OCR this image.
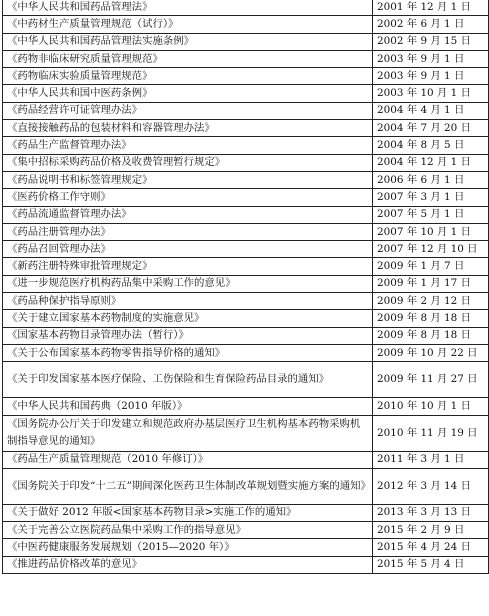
《中华人民共和国药品管理法》	2001 年 12 月 1 日
《中药材生产质量管理规范（试行）》	2002 年 6 月 1 日
《中华人民共和国药品管理法实施条例》	2002 年 9 月 15 日
《药物非临床研究质量管理规范》	2003 年 9 月 1 日
《药物临床实验质量管理规范》	2003 年 9 月 1 日
《中华人民共和国中医药条例》	2003 年 10 月 1 日
《药品经营许可证管理办法》	2004 年 4 月 1 日
《直接接触药品的包装材料和容器管理办法》	2004 年 7 月 20 日
《药品生产监督管理办法》	2004 年 8 月 5 日
《集中招标采购药品价格及收费管理暂行规定》	2004 年 12 月 1 日
《药品说明书和标签管理规定》	2006 年 6 月 1 日
《医药价格工作守则》	2007 年 3 月 1 日
《药品流通监督管理办法》	2007 年 5 月 1 日
《药品注册管理办法》	2007 年 10 月 1 日
《药品召回管理办法》	2007 年 12 月 10 日
《新药注册特殊审批管理规定》	2009 年 1 月 7 日
《进一步规范医疗机构药品集中采购工作的意见》	2009 年 1 月 17 日
《药品种保护指导原则》	2009 年 2 月 12 日
《关于建立国家基本药物制度的实施意见》	2009 年 8 月 18 日
《国家基本药物目录管理办法（暂行）》	2009 年 8 月 18 日
《关于公布国家基本药物零售指导价格的通知》	2009 年 10 月 22 日
《关于印发国家基本医疗保险、工伤保险和生育保险药品目录的通知》	2009 年 11 月 27 日
《中华人民共和国药典（2010 年版）》	2010 年 10 月 1 日
《国务院办公厅关于印发建立和规范政府办基层医疗卫生机构基本药物采购机制指导意见的通知》	2010 年 11 月 19 日
《药品生产质量管理规范（2010 年修订）》	2011 年 3 月 1 日
《国务院关于印发“十二五”期间深化医药卫生体制改革规划暨实施方案的通知》	2012 年 3 月 14 日
《关于做好 2012 年版<国家基本药物目录>实施工作的通知》	2013 年 3 月 13 日
《关于完善公立医院药品集中采购工作的指导意见》	2015 年 2 月 9 日
《中医药健康服务发展规划（2015—2020 年）》	2015 年 4 月 24 日
《推进药品价格改革的意见》	2015 年 5 月 4 日
